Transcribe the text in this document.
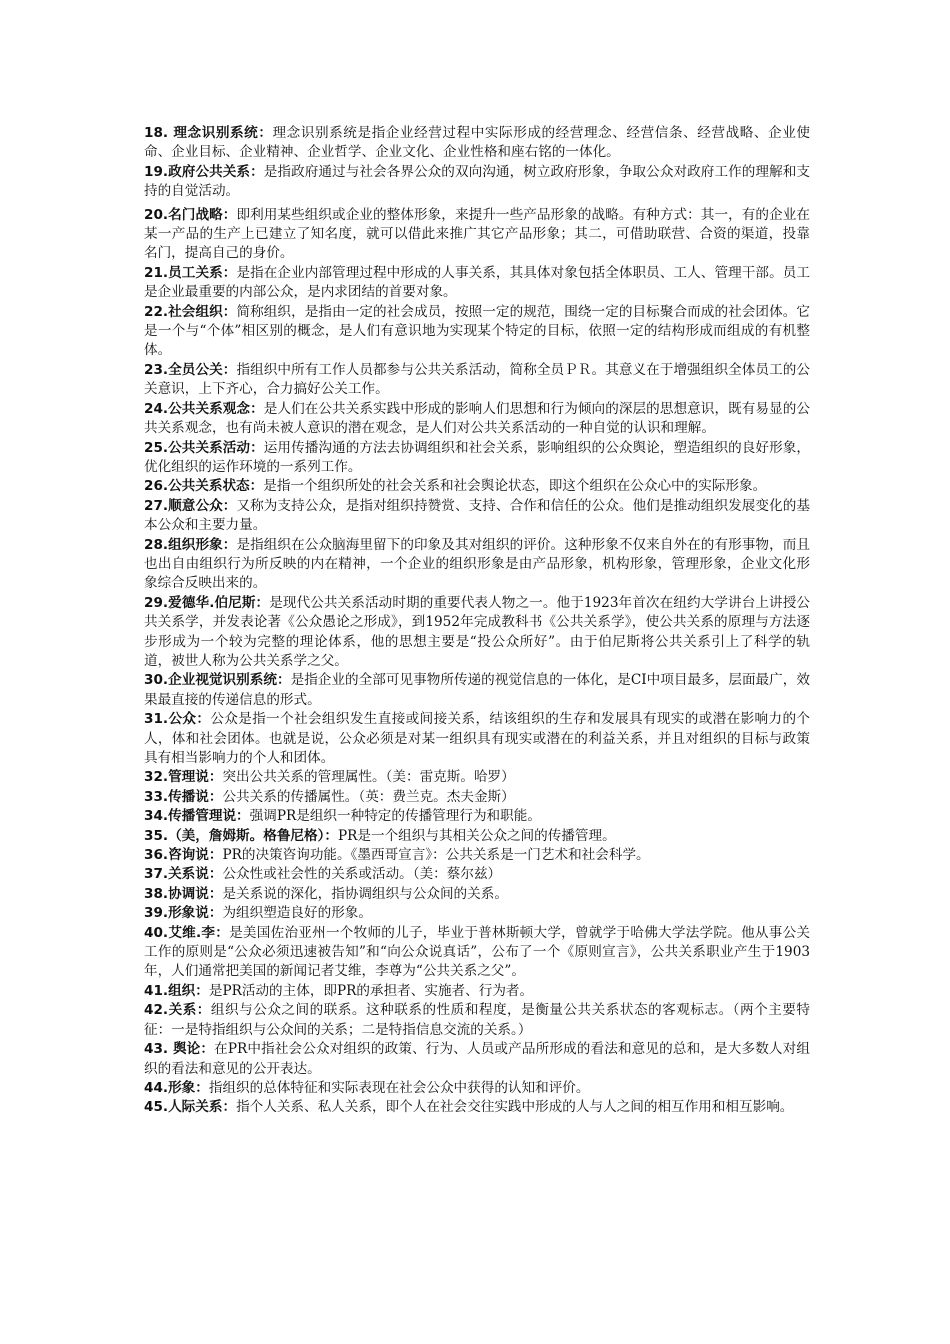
18. 理念识别系统：理念识别系统是指企业经营过程中实际形成的经营理念、经营信条、经营战略、企业使命、企业目标、企业精神、企业哲学、企业文化、企业性格和座右铭的一体化。

19.政府公共关系：是指政府通过与社会各界公众的双向沟通，树立政府形象，争取公众对政府工作的理解和支持的自觉活动。

20.名门战略：即利用某些组织或企业的整体形象，来提升一些产品形象的战略。有种方式：其一，有的企业在某一产品的生产上已建立了知名度，就可以借此来推广其它产品形象；其二，可借助联营、合资的渠道，投靠名门，提高自己的身价。

21.员工关系：是指在企业内部管理过程中形成的人事关系，其具体对象包括全体职员、工人、管理干部。员工是企业最重要的内部公众，是内求团结的首要对象。

22.社会组织：简称组织，是指由一定的社会成员，按照一定的规范，围绕一定的目标聚合而成的社会团体。它是一个与“个体”相区别的概念，是人们有意识地为实现某个特定的目标，依照一定的结构形成而组成的有机整体。

23.全员公关：指组织中所有工作人员都参与公共关系活动，简称全员ＰＲ。其意义在于增强组织全体员工的公关意识，上下齐心，合力搞好公关工作。

24.公共关系观念：是人们在公共关系实践中形成的影响人们思想和行为倾向的深层的思想意识，既有易显的公共关系观念，也有尚未被人意识的潜在观念，是人们对公共关系活动的一种自觉的认识和理解。

25.公共关系活动：运用传播沟通的方法去协调组织和社会关系，影响组织的公众舆论，塑造组织的良好形象，优化组织的运作环境的一系列工作。

26.公共关系状态：是指一个组织所处的社会关系和社会舆论状态，即这个组织在公众心中的实际形象。

27.顺意公众：又称为支持公众，是指对组织持赞赏、支持、合作和信任的公众。他们是推动组织发展变化的基本公众和主要力量。

28.组织形象：是指组织在公众脑海里留下的印象及其对组织的评价。这种形象不仅来自外在的有形事物，而且也出自由组织行为所反映的内在精神，一个企业的组织形象是由产品形象，机构形象，管理形象，企业文化形象综合反映出来的。

29.爱德华.伯尼斯：是现代公共关系活动时期的重要代表人物之一。他于1923年首次在纽约大学讲台上讲授公共关系学，并发表论著《公众愚论之形成》，到1952年完成教科书《公共关系学》，使公共关系的原理与方法逐步形成为一个较为完整的理论体系，他的思想主要是“投公众所好”。由于伯尼斯将公共关系引上了科学的轨道，被世人称为公共关系学之父。

30.企业视觉识别系统：是指企业的全部可见事物所传递的视觉信息的一体化，是CI中项目最多，层面最广，效果最直接的传递信息的形式。

31.公众：公众是指一个社会组织发生直接或间接关系，结该组织的生存和发展具有现实的或潜在影响力的个人，体和社会团体。也就是说，公众必须是对某一组织具有现实或潜在的利益关系，并且对组织的目标与政策具有相当影响力的个人和团体。

32.管理说：突出公共关系的管理属性。（美：雷克斯。哈罗）

33.传播说：公共关系的传播属性。（英：费兰克。杰夫金斯）

34.传播管理说：强调PR是组织一种特定的传播管理行为和职能。

35.（美，詹姆斯。格鲁尼格）：PR是一个组织与其相关公众之间的传播管理。

36.咨询说：PR的决策咨询功能。《墨西哥宣言》：公共关系是一门艺术和社会科学。

37.关系说：公众性或社会性的关系或活动。（美：蔡尔兹）

38.协调说：是关系说的深化，指协调组织与公众间的关系。

39.形象说：为组织塑造良好的形象。

40.艾维.李：是美国佐治亚州一个牧师的儿子，毕业于普林斯顿大学，曾就学于哈佛大学法学院。他从事公关工作的原则是“公众必须迅速被告知”和“向公众说真话”，公布了一个《原则宣言》，公共关系职业产生于1903年，人们通常把美国的新闻记者艾维，李尊为“公共关系之父”。

41.组织：是PR活动的主体，即PR的承担者、实施者、行为者。

42.关系：组织与公众之间的联系。这种联系的性质和程度，是衡量公共关系状态的客观标志。（两个主要特征：一是特指组织与公众间的关系；二是特指信息交流的关系。）

43. 舆论：在PR中指社会公众对组织的政策、行为、人员或产品所形成的看法和意见的总和，是大多数人对组织的看法和意见的公开表达。

44.形象：指组织的总体特征和实际表现在社会公众中获得的认知和评价。

45.人际关系：指个人关系、私人关系，即个人在社会交往实践中形成的人与人之间的相互作用和相互影响。
